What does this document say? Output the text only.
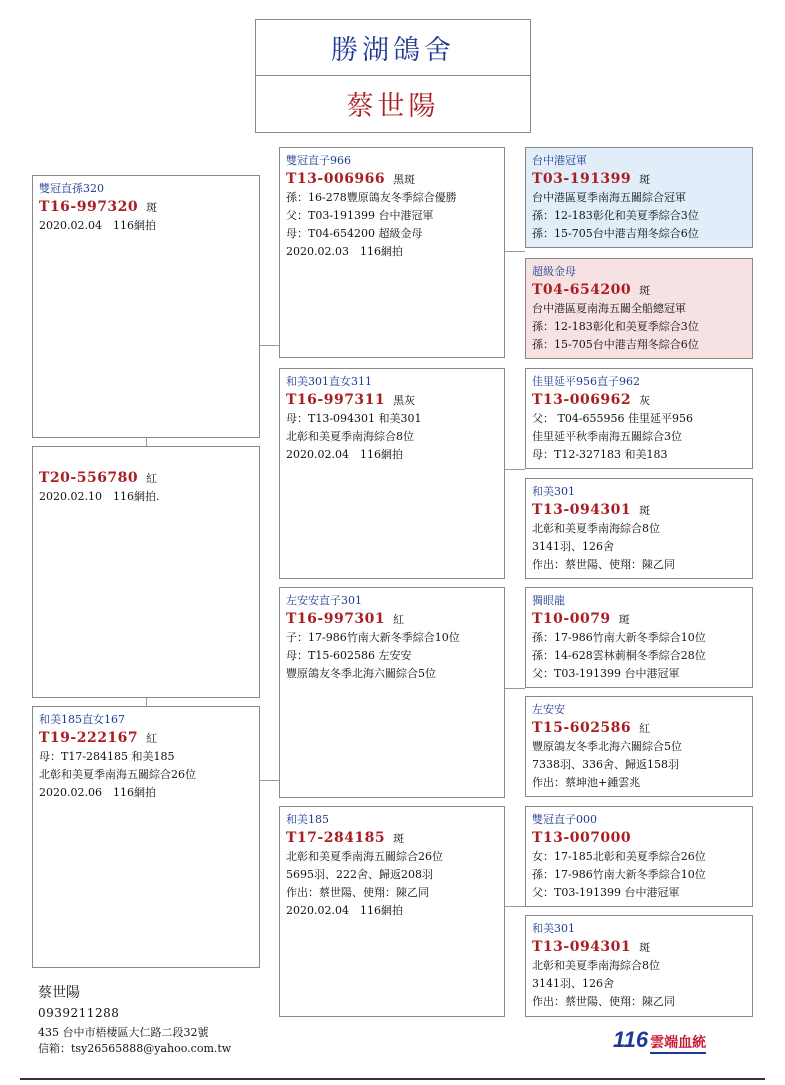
勝湖鴿舍
蔡世陽
雙冠直孫320
T16-997320 斑
2020.02.04　116網拍
T20-556780 紅
2020.02.10　116網拍.
和美185直女167
T19-222167 紅
母：T17-284185 和美185
北彰和美夏季南海五關綜合26位
2020.02.06　116網拍
雙冠直子966
T13-006966 黑斑
孫：16-278豐原鴿友冬季綜合優勝
父：T03-191399 台中港冠軍
母：T04-654200 超級金母
2020.02.03　116網拍
和美301直女311
T16-997311 黑灰
母：T13-094301 和美301
北彰和美夏季南海綜合8位
2020.02.04　116網拍
左安安直子301
T16-997301 紅
子：17-986竹南大新冬季綜合10位
母：T15-602586 左安安
豐原鴿友冬季北海六關綜合5位
和美185
T17-284185 斑
北彰和美夏季南海五關綜合26位
5695羽、222舍、歸返208羽
作出：蔡世陽、使翔：陳乙同
2020.02.04　116網拍
台中港冠軍
T03-191399 斑
台中港區夏季南海五關綜合冠軍
孫：12-183彰化和美夏季綜合3位
孫：15-705台中港吉翔冬綜合6位
超級金母
T04-654200 斑
台中港區夏南海五關全船總冠軍
孫：12-183彰化和美夏季綜合3位
孫：15-705台中港吉翔冬綜合6位
佳里延平956直子962
T13-006962 灰
父： T04-655956 佳里延平956
佳里延平秋季南海五關綜合3位
母：T12-327183 和美183
和美301
T13-094301 斑
北彰和美夏季南海綜合8位
3141羽、126舍
作出：蔡世陽、使翔：陳乙同
獨眼龍
T10-0079 斑
孫：17-986竹南大新冬季綜合10位
孫：14-628雲林莿桐冬季綜合28位
父：T03-191399 台中港冠軍
左安安
T15-602586 紅
豐原鴿友冬季北海六關綜合5位
7338羽、336舍、歸返158羽
作出：蔡坤池+鍾雲兆
雙冠直子000
T13-007000
女：17-185北彰和美夏季綜合26位
孫：17-986竹南大新冬季綜合10位
父：T03-191399 台中港冠軍
和美301
T13-094301 斑
北彰和美夏季南海綜合8位
3141羽、126舍
作出：蔡世陽、使翔：陳乙同
蔡世陽
0939211288
435 台中市梧棲區大仁路二段32號
信箱：tsy26565888@yahoo.com.tw	116 雲端血統
